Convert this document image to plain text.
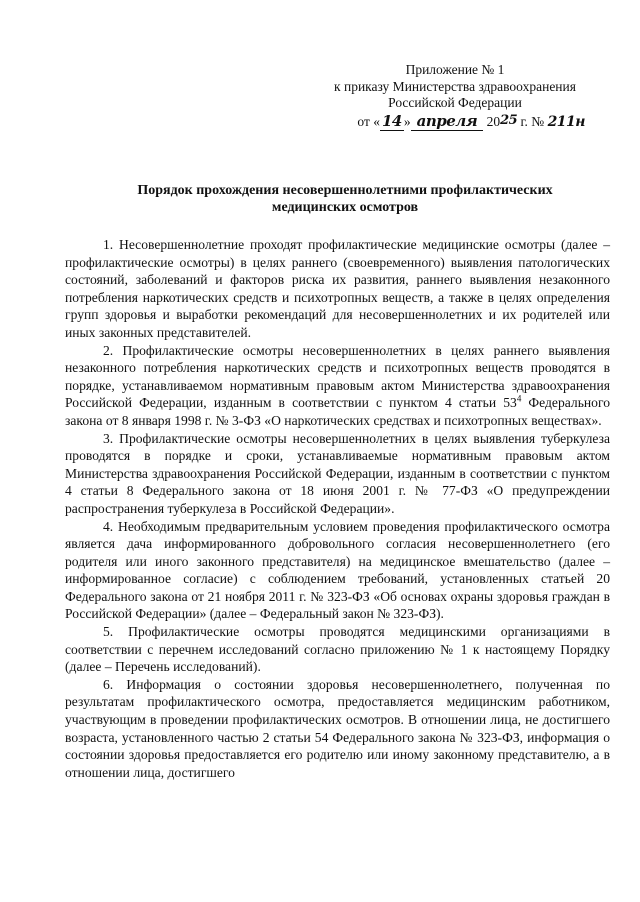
Приложение № 1
к приказу Министерства здравоохранения
Российской Федерации
от « 14 » апреля 2025 г. № 211н
Порядок прохождения несовершеннолетними профилактических
медицинских осмотров

1. Несовершеннолетние проходят профилактические медицинские осмотры (далее – профилактические осмотры) в целях раннего (своевременного) выявления патологических состояний, заболеваний и факторов риска их развития, раннего выявления незаконного потребления наркотических средств и психотропных веществ, а также в целях определения групп здоровья и выработки рекомендаций для несовершеннолетних и их родителей или иных законных представителей.

2. Профилактические осмотры несовершеннолетних в целях раннего выявления незаконного потребления наркотических средств и психотропных веществ проводятся в порядке, устанавливаемом нормативным правовым актом Министерства здравоохранения Российской Федерации, изданным в соответствии с пунктом 4 статьи $53^4$ Федерального закона от 8 января 1998 г. № 3-ФЗ «О наркотических средствах и психотропных веществах».

3. Профилактические осмотры несовершеннолетних в целях выявления туберкулеза проводятся в порядке и сроки, устанавливаемые нормативным правовым актом Министерства здравоохранения Российской Федерации, изданным в соответствии с пунктом 4 статьи 8 Федерального закона от 18 июня 2001 г. № 77-ФЗ «О предупреждении распространения туберкулеза в Российской Федерации».

4. Необходимым предварительным условием проведения профилактического осмотра является дача информированного добровольного согласия несовершеннолетнего (его родителя или иного законного представителя) на медицинское вмешательство (далее – информированное согласие) с соблюдением требований, установленных статьей 20 Федерального закона от 21 ноября 2011 г. № 323-ФЗ «Об основах охраны здоровья граждан в Российской Федерации» (далее – Федеральный закон № 323-ФЗ).

5. Профилактические осмотры проводятся медицинскими организациями в соответствии с перечнем исследований согласно приложению № 1 к настоящему Порядку (далее – Перечень исследований).

6. Информация о состоянии здоровья несовершеннолетнего, полученная по результатам профилактического осмотра, предоставляется медицинским работником, участвующим в проведении профилактических осмотров. В отношении лица, не достигшего возраста, установленного частью 2 статьи 54 Федерального закона № 323-ФЗ, информация о состоянии здоровья предоставляется его родителю или иному законному представителю, а в отношении лица, достигшего
